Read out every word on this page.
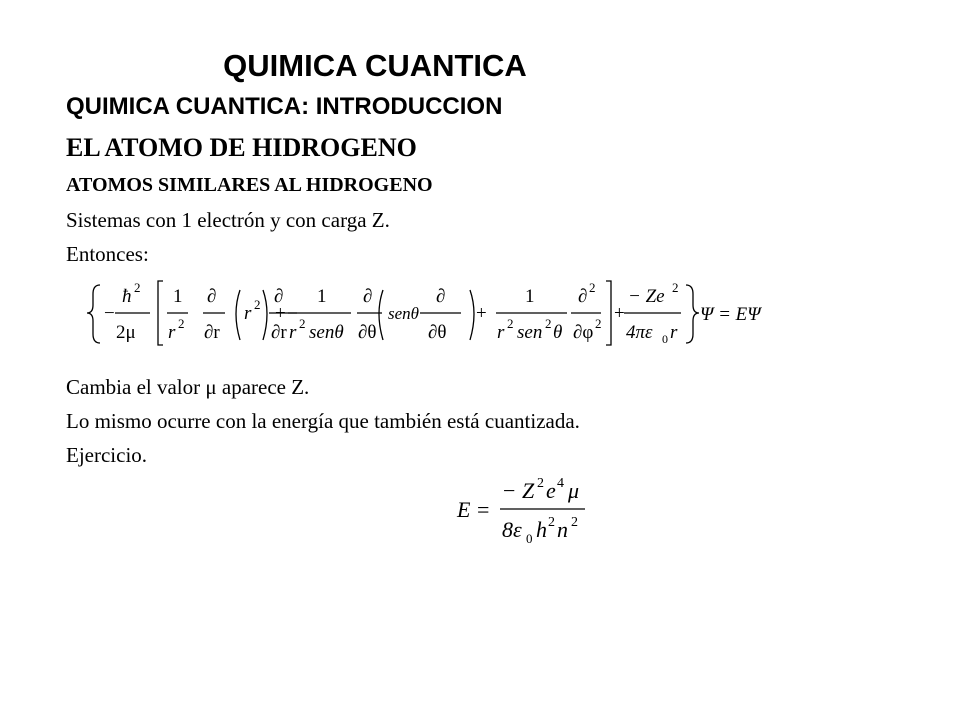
QUIMICA CUANTICA
QUIMICA CUANTICA: INTRODUCCION
EL ATOMO DE HIDROGENO
ATOMOS SIMILARES AL HIDROGENO
Sistemas con 1 electrón y con carga Z.
Entonces:
−
ħ 2
2μ
1
r 2
∂
∂r
r 2 ∂
∂r
+
1
r 2 senθ
∂
∂θ
senθ
∂
∂θ
+
1
r 2 sen 2 θ
∂ 2
∂φ 2 +
− Ze 2
4πε 0 r
Ψ = EΨ
Cambia el valor μ aparece Z.
Lo mismo ocurre con la energía que también está cuantizada.
Ejercicio.
E =
− Z 2 e 4 μ
8ε 0 h 2 n 2
